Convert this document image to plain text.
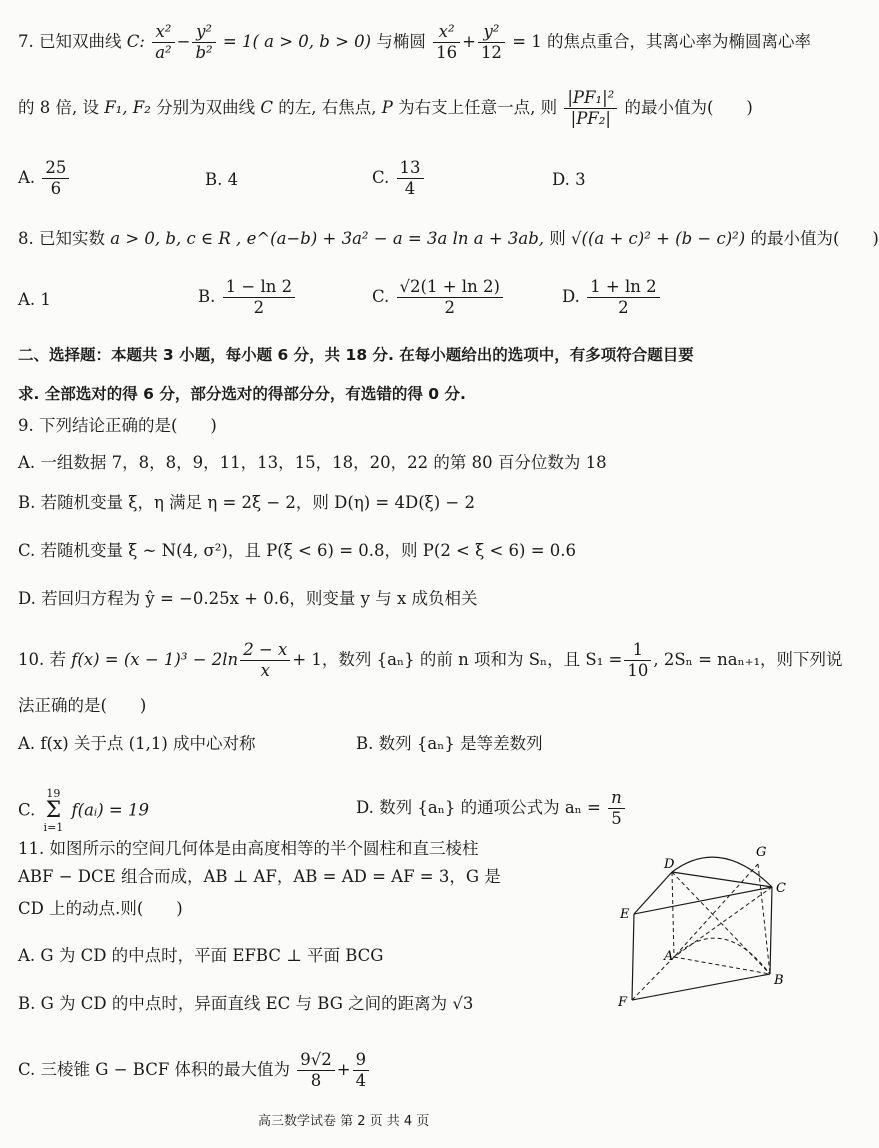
7. 已知双曲线 C: $\frac{\text{x²}}{\text{a²}} - \frac{\text{y²}}{\text{b²}} = 1$( a > 0, b > 0) 与椭圆 $\frac{\text{x²}}{16} + \frac{\text{y²}}{12} = 1$ 的焦点重合，其离心率为椭圆离心率
的 8 倍, 设 F₁, F₂ 分别为双曲线 C 的左, 右焦点, P 为右支上任意一点, 则 $\frac{\text{|PF₁|²}}{\text{|PF₂|}}$ 的最小值为(　　)
A. $\frac{25}{6}$	B. 4	C. $\frac{13}{4}$	D. 3
8. 已知实数 a > 0, b, c ∈ R , e^(a−b) + 3a² − a = 3a ln a + 3ab, 则 √((a + c)² + (b − c)²) 的最小值为(　　)
A. 1	B. $\frac{1 - \ln 2}{2}$	C. $\frac{√2(1 + \ln 2)}{2}$	D. $\frac{1 + \ln 2}{2}$
二、选择题：本题共 3 小题，每小题 6 分，共 18 分. 在每小题给出的选项中，有多项符合题目要
求. 全部选对的得 6 分，部分选对的得部分分，有选错的得 0 分.
9. 下列结论正确的是(　　)
A. 一组数据 7，8，8，9，11，13，15，18，20，22 的第 80 百分位数为 18
B. 若随机变量 ξ，η 满足 η = 2ξ − 2，则 D(η) = 4D(ξ) − 2
C. 若随机变量 ξ ~ N(4, σ²)，且 P(ξ < 6) = 0.8，则 P(2 < ξ < 6) = 0.6
D. 若回归方程为 ŷ = −0.25x + 0.6，则变量 y 与 x 成负相关
10. 若 $f(x) = (x - 1)^3 - 2\ln \frac{2 - x}{x} + 1$，数列 {aₙ} 的前 n 项和为 Sₙ，且 $S_1 = \frac{1}{10}$ , 2Sₙ = naₙ₊₁，则下列说
法正确的是(　　)
A. f(x) 关于点 (1,1) 成中心对称	B. 数列 {aₙ} 是等差数列
C.
19
Σ
i=1
f(aᵢ) = 19	D. 数列 {aₙ} 的通项公式为 $a_n = \frac{n}{5}$
11. 如图所示的空间几何体是由高度相等的半个圆柱和直三棱柱
ABF − DCE 组合而成，AB ⊥ AF，AB = AD = AF = 3，G 是
CD 上的动点.则(　　)
A. G 为 CD 的中点时，平面 EFBC ⊥ 平面 BCG
B. G 为 CD 的中点时，异面直线 EC 与 BG 之间的距离为 √3
C. 三棱锥 G − BCF 体积的最大值为 $\frac{9√2}{8} + \frac{9}{4}$
D
G
C
E
A
B
F
高三数学试卷 第 2 页 共 4 页
